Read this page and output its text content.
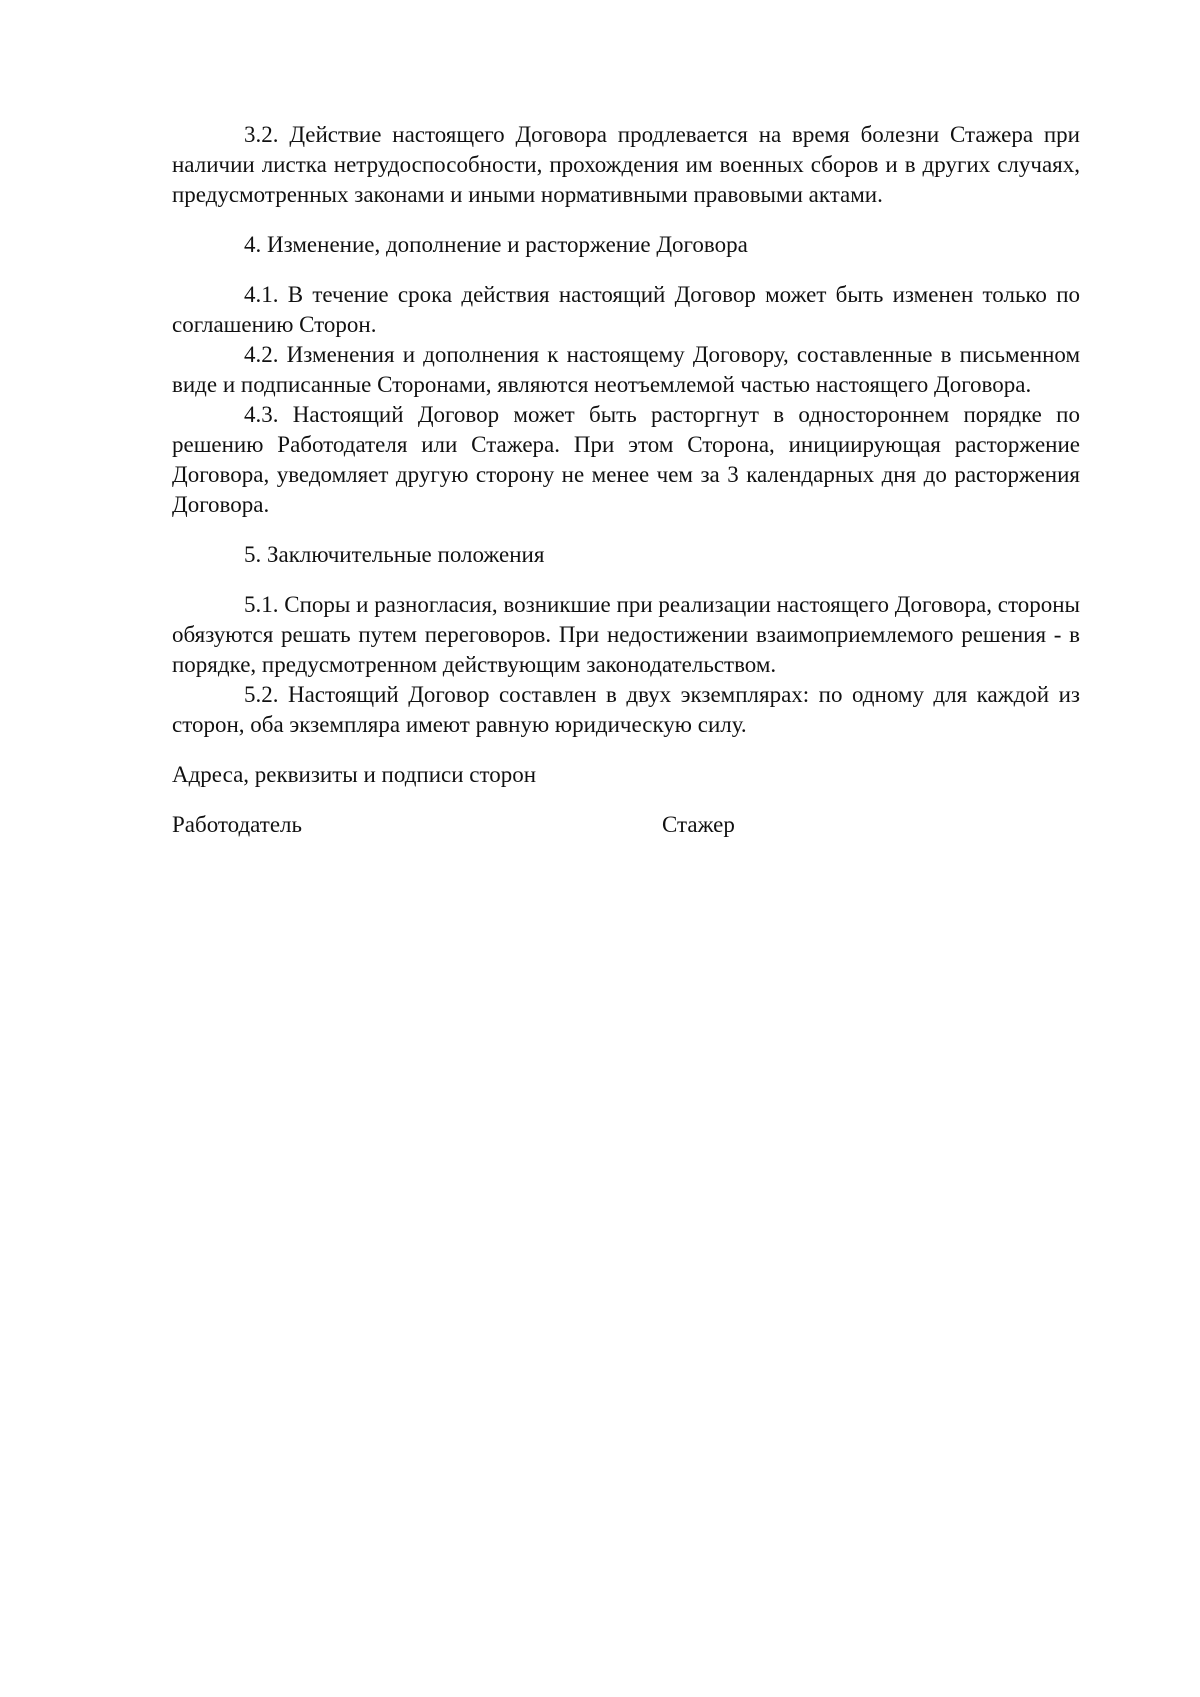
3.2. Действие настоящего Договора продлевается на время болезни Стажера при наличии листка нетрудоспособности, прохождения им военных сборов и в других случаях, предусмотренных законами и иными нормативными правовыми актами.

4. Изменение, дополнение и расторжение Договора

4.1. В течение срока действия настоящий Договор может быть изменен только по соглашению Сторон.

4.2. Изменения и дополнения к настоящему Договору, составленные в письменном виде и подписанные Сторонами, являются неотъемлемой частью настоящего Договора.

4.3. Настоящий Договор может быть расторгнут в одностороннем порядке по решению Работодателя или Стажера. При этом Сторона, инициирующая расторжение Договора, уведомляет другую сторону не менее чем за 3 календарных дня до расторжения Договора.

5. Заключительные положения

5.1. Споры и разногласия, возникшие при реализации настоящего Договора, стороны обязуются решать путем переговоров. При недостижении взаимоприемлемого решения - в порядке, предусмотренном действующим законодательством.

5.2. Настоящий Договор составлен в двух экземплярах: по одному для каждой из сторон, оба экземпляра имеют равную юридическую силу.

Адреса, реквизиты и подписи сторон

Работодатель	Стажер
